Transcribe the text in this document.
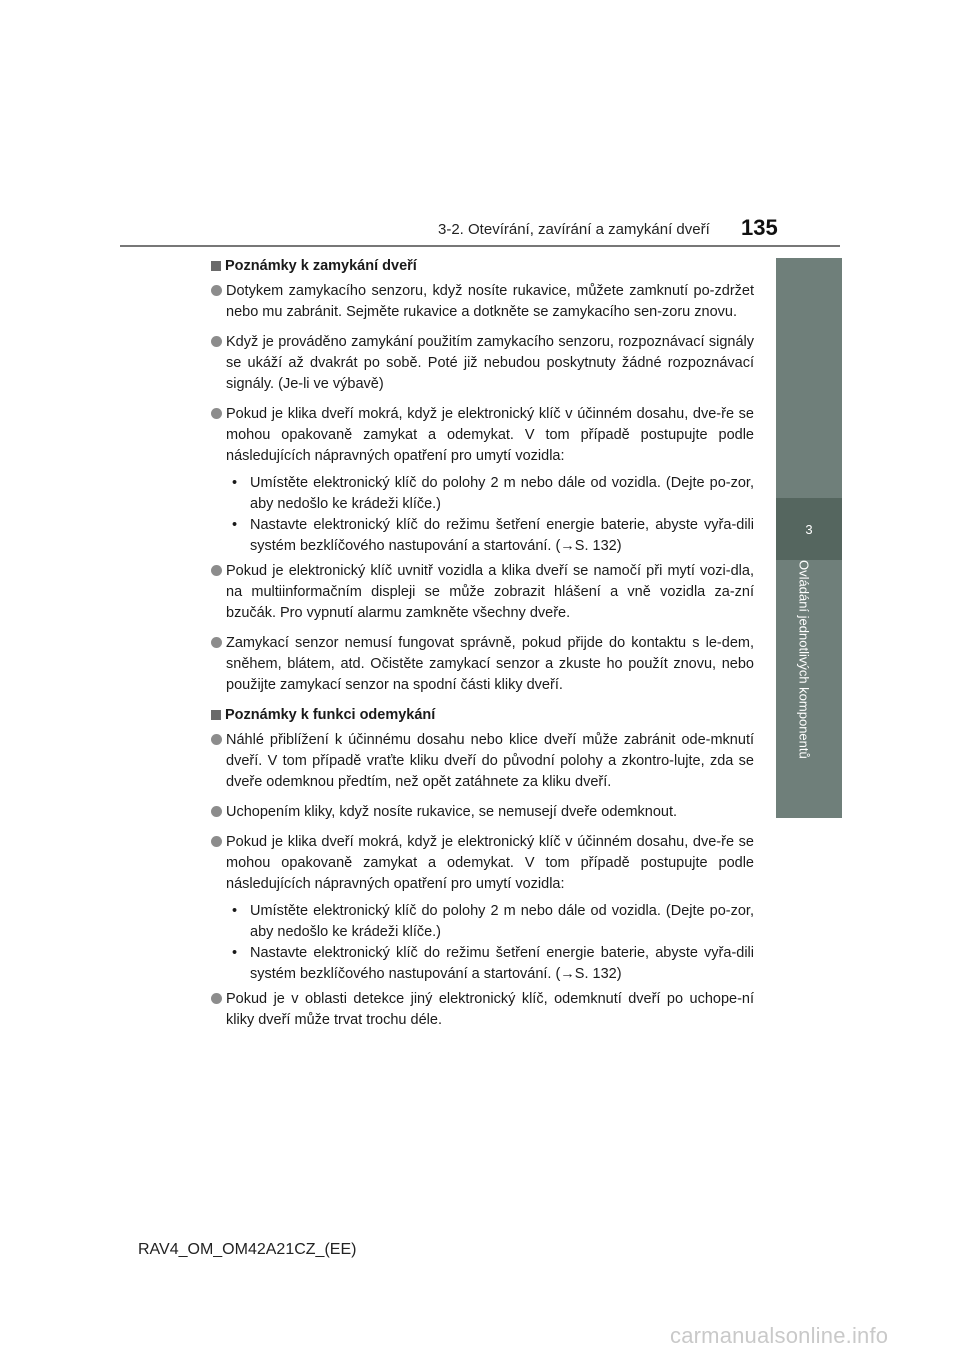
3-2. Otevírání, zavírání a zamykání dveří 135
3
Ovládání jednotlivých komponentů
Poznámky k zamykání dveří
Dotykem zamykacího senzoru, když nosíte rukavice, můžete zamknutí po-zdržet nebo mu zabránit. Sejměte rukavice a dotkněte se zamykacího sen-zoru znovu.
Když je prováděno zamykání použitím zamykacího senzoru, rozpoznávací signály se ukáží až dvakrát po sobě. Poté již nebudou poskytnuty žádné rozpoznávací signály. (Je-li ve výbavě)
Pokud je klika dveří mokrá, když je elektronický klíč v účinném dosahu, dve-ře se mohou opakovaně zamykat a odemykat. V tom případě postupujte podle následujících nápravných opatření pro umytí vozidla:
• Umístěte elektronický klíč do polohy 2 m nebo dále od vozidla. (Dejte po-zor, aby nedošlo ke krádeži klíče.)
• Nastavte elektronický klíč do režimu šetření energie baterie, abyste vyřa-dili systém bezklíčového nastupování a startování. (→S. 132)
Pokud je elektronický klíč uvnitř vozidla a klika dveří se namočí při mytí vozi-dla, na multiinformačním displeji se může zobrazit hlášení a vně vozidla za-zní bzučák. Pro vypnutí alarmu zamkněte všechny dveře.
Zamykací senzor nemusí fungovat správně, pokud přijde do kontaktu s le-dem, sněhem, blátem, atd. Očistěte zamykací senzor a zkuste ho použít znovu, nebo použijte zamykací senzor na spodní části kliky dveří.
Poznámky k funkci odemykání
Náhlé přiblížení k účinnému dosahu nebo klice dveří může zabránit ode-mknutí dveří. V tom případě vraťte kliku dveří do původní polohy a zkontro-lujte, zda se dveře odemknou předtím, než opět zatáhnete za kliku dveří.
Uchopením kliky, když nosíte rukavice, se nemusejí dveře odemknout.
Pokud je klika dveří mokrá, když je elektronický klíč v účinném dosahu, dve-ře se mohou opakovaně zamykat a odemykat. V tom případě postupujte podle následujících nápravných opatření pro umytí vozidla:
• Umístěte elektronický klíč do polohy 2 m nebo dále od vozidla. (Dejte po-zor, aby nedošlo ke krádeži klíče.)
• Nastavte elektronický klíč do režimu šetření energie baterie, abyste vyřa-dili systém bezklíčového nastupování a startování. (→S. 132)
Pokud je v oblasti detekce jiný elektronický klíč, odemknutí dveří po uchope-ní kliky dveří může trvat trochu déle.
RAV4_OM_OM42A21CZ_(EE)
carmanualsonline.info
